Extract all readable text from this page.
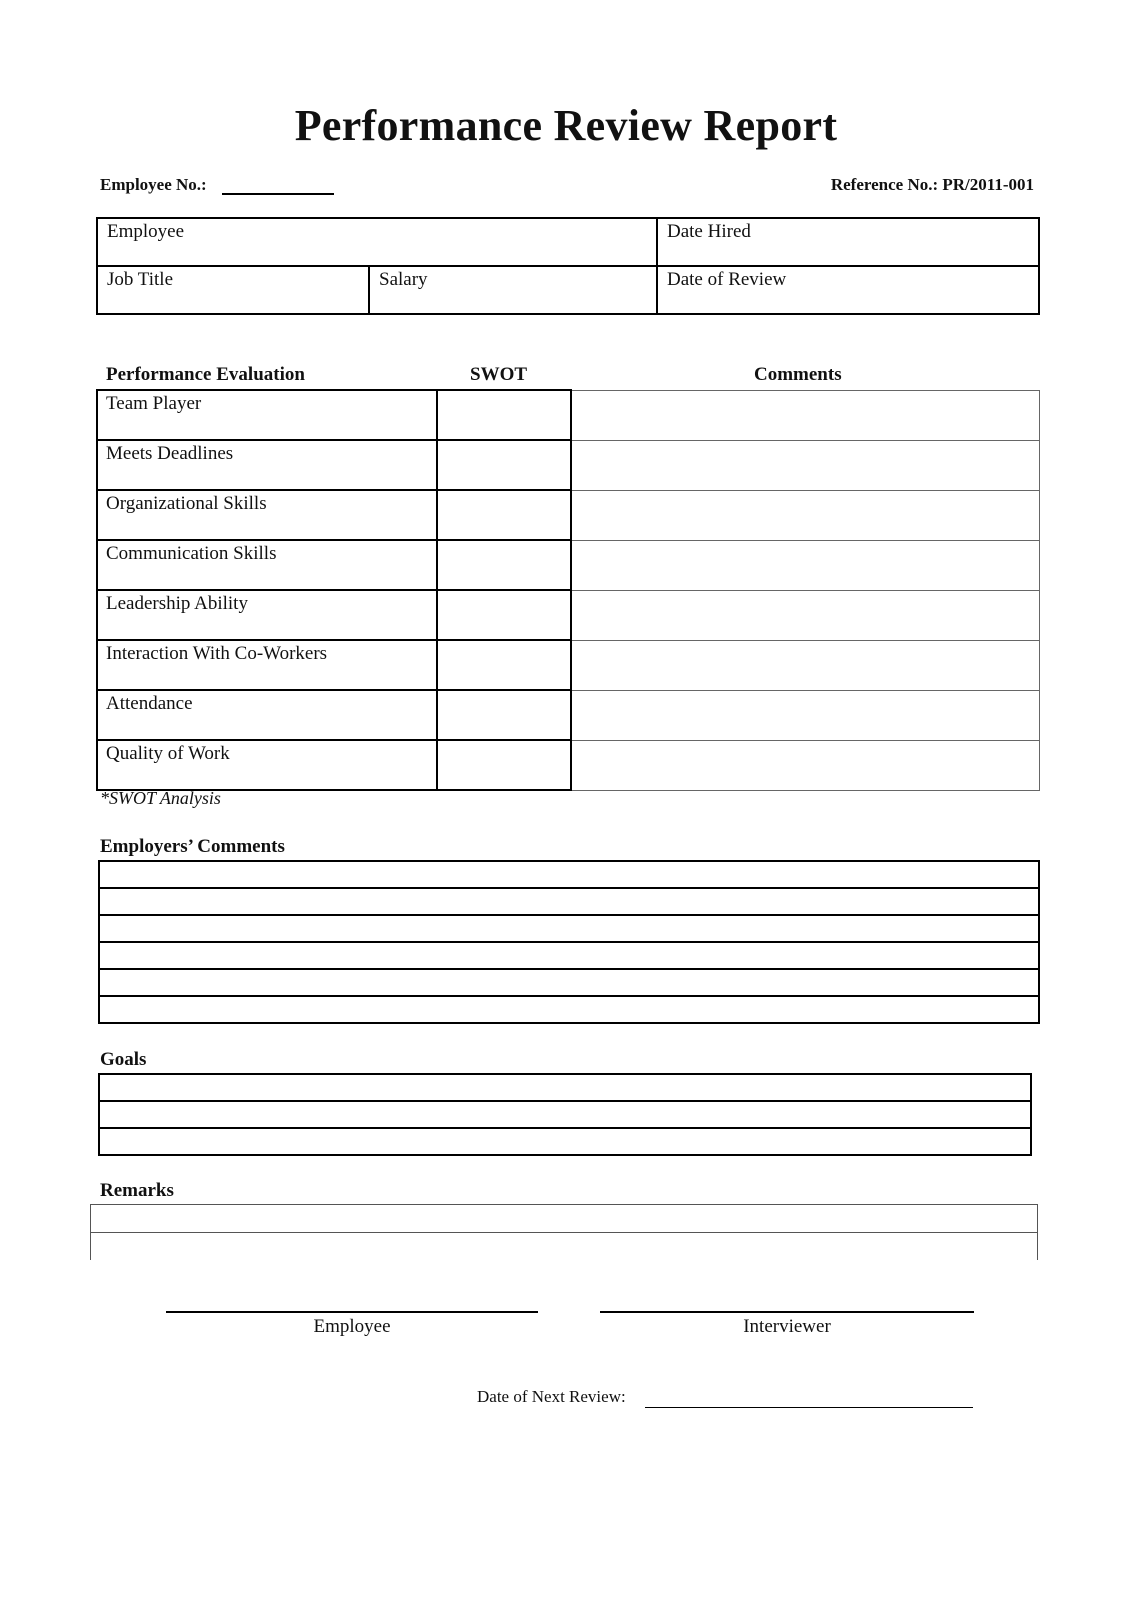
Performance Review Report
Employee No.:	Reference No.: PR/2011-001
Employee		Date Hired
Job Title	Salary	Date of Review
Performance Evaluation	SWOT	Comments
Team Player		
Meets Deadlines		
Organizational Skills		
Communication Skills		
Leadership Ability		
Interaction With Co-Workers		
Attendance		
Quality of Work		
*SWOT Analysis
Employers’ Comments

Goals

Remarks
Employee	Interviewer
Date of Next Review:
